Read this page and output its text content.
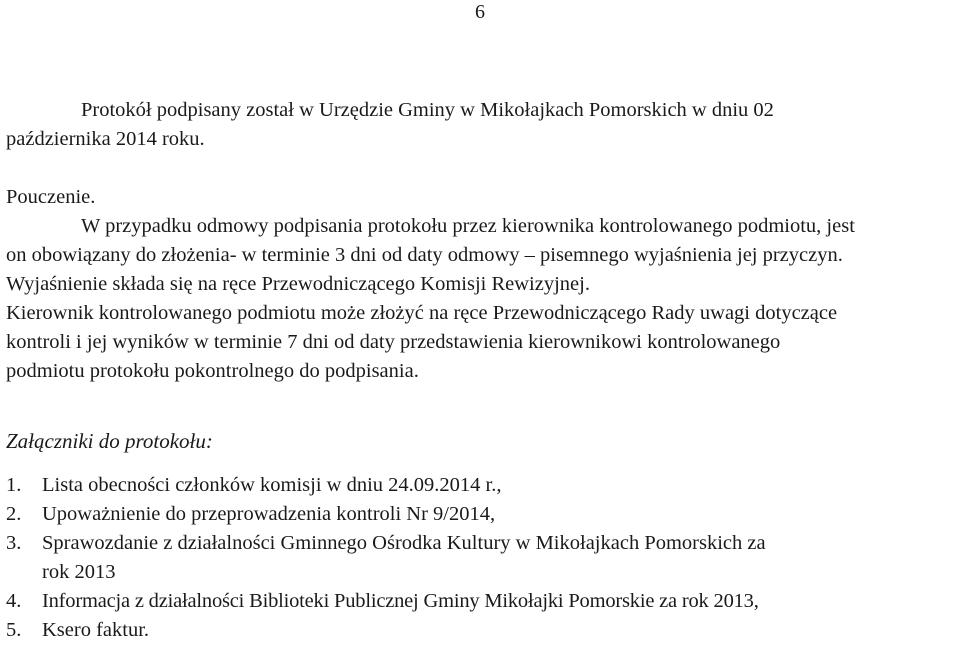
6
Protokół podpisany został w Urzędzie Gminy w Mikołajkach Pomorskich w dniu 02
października 2014 roku.
Pouczenie.
W przypadku odmowy podpisania protokołu przez kierownika kontrolowanego podmiotu, jest
on obowiązany do złożenia- w terminie 3 dni od daty odmowy – pisemnego wyjaśnienia jej przyczyn.
Wyjaśnienie składa się na ręce Przewodniczącego Komisji Rewizyjnej.
Kierownik kontrolowanego podmiotu może złożyć na ręce Przewodniczącego Rady uwagi dotyczące
kontroli i jej wyników w terminie 7 dni od daty przedstawienia kierownikowi kontrolowanego
podmiotu protokołu pokontrolnego do podpisania.
Załączniki do protokołu:
1. Lista obecności członków komisji w dniu 24.09.2014 r.,
2. Upoważnienie do przeprowadzenia kontroli Nr 9/2014,
3. Sprawozdanie z działalności Gminnego Ośrodka Kultury w Mikołajkach Pomorskich za
rok 2013
4. Informacja z działalności Biblioteki Publicznej Gminy Mikołajki Pomorskie za rok 2013,
5. Ksero faktur.
